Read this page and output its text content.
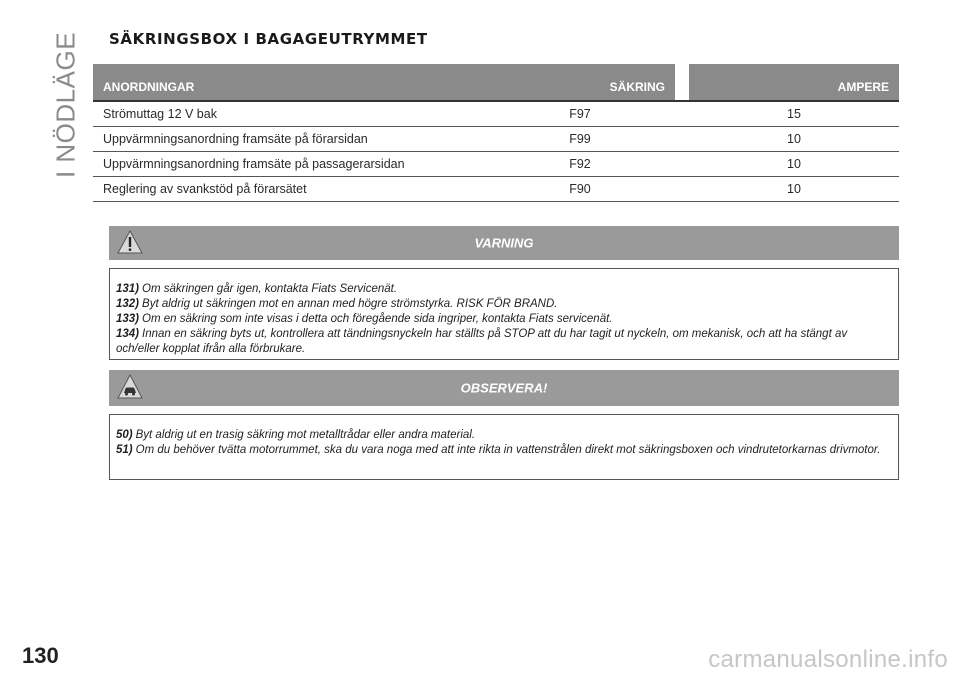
I NÖDLÄGE SÄKRINGSBOX I BAGAGEUTRYMMET
ANORDNINGAR	SÄKRING		AMPERE
Strömuttag 12 V bak	F97		15
Uppvärmningsanordning framsäte på förarsidan	F99		10
Uppvärmningsanordning framsäte på passagerarsidan	F92		10
Reglering av svankstöd på förarsätet	F90		10
VARNING
131) Om säkringen går igen, kontakta Fiats Servicenät.
132) Byt aldrig ut säkringen mot en annan med högre strömstyrka. RISK FÖR BRAND.
133) Om en säkring som inte visas i detta och föregående sida ingriper, kontakta Fiats servicenät.
134) Innan en säkring byts ut, kontrollera att tändningsnyckeln har ställts på STOP att du har tagit ut nyckeln, om mekanisk, och att ha stängt av och/eller kopplat ifrån alla förbrukare.
OBSERVERA!
50) Byt aldrig ut en trasig säkring mot metalltrådar eller andra material.
51) Om du behöver tvätta motorrummet, ska du vara noga med att inte rikta in vattenstrålen direkt mot säkringsboxen och vindrutetorkarnas drivmotor.
130	carmanualsonline.info
